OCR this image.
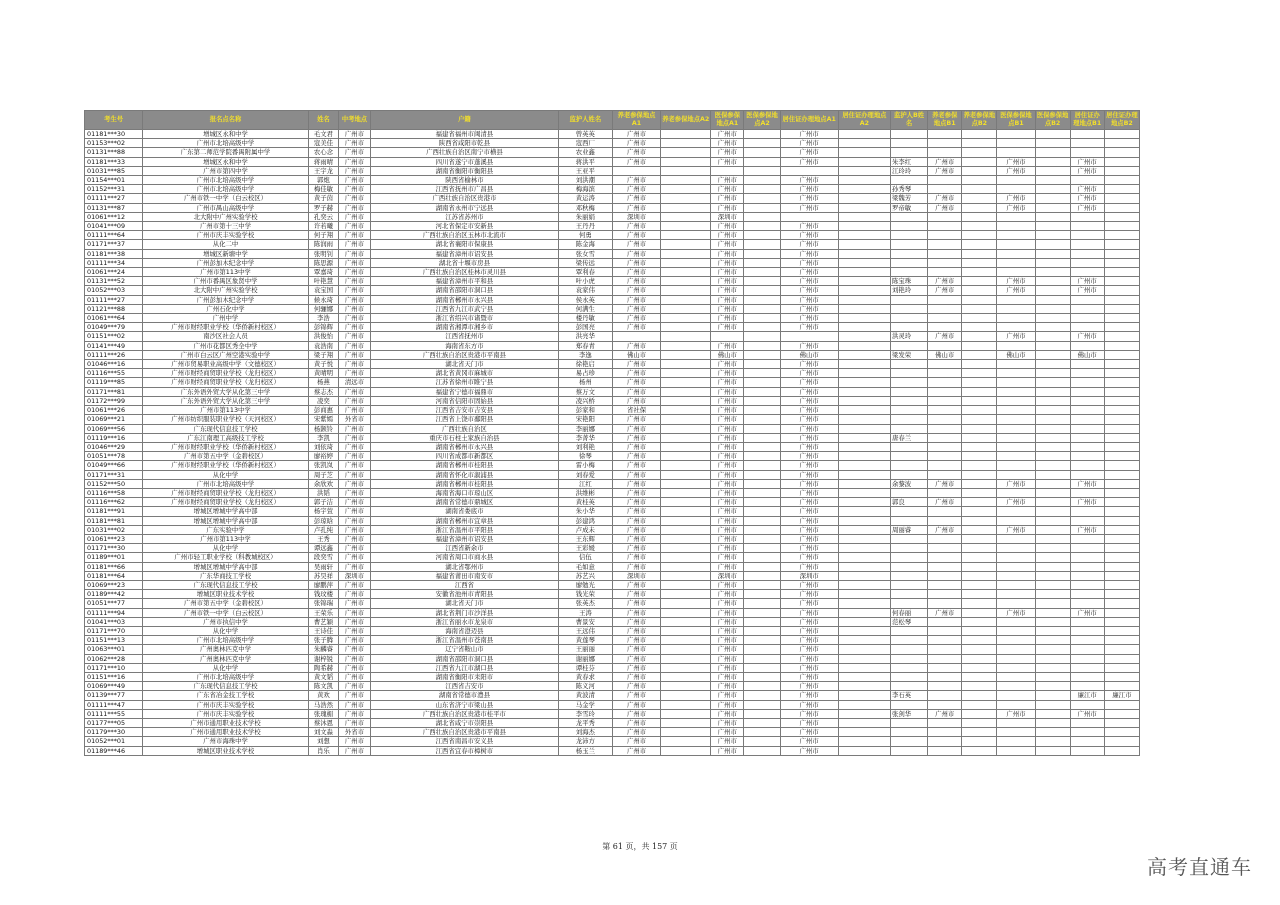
考生号	报名点名称	姓名	中考地点	户籍	监护人姓名	养老参保地点A1	养老参保地点A2	医保参保地点A1	医保参保地点A2	居住证办理地点A1	居住证办理地点A2	监护人B姓名	养老参保地点B1	养老参保地点B2	医保参保地点B1	医保参保地点B2	居住证办理地点B1	居住证办理地点B2
01181***30	增城区永和中学	毛文君	广州市	福建省福州市闽清县	曾英英	广州市		广州市		广州市								
01153***02	广州市北培高级中学	寇美佳	广州市	陕西省咸阳市乾县	寇西厂	广州市		广州市		广州市								
01131***88	广东第二师范学院番禺附属中学	农心念	广州市	广西壮族自治区南宁市横县	农业鑫	广州市		广州市		广州市								
01181***33	增城区永和中学	蒋雨晴	广州市	四川省遂宁市蓬溪县	蒋洪平	广州市		广州市		广州市		朱李红	广州市		广州市		广州市	
01031***85	广州市第四中学	王宇龙	广州市	湖南省衡阳市衡阳县	王亚平							江玲玲	广州市		广州市		广州市	
01154***01	广州市北培高级中学	郭炮	广州市	陕西省榆林市	刘洪潮	广州市		广州市		广州市								
01152***31	广州市北培高级中学	梅佳敏	广州市	江西省抚州市广昌县	梅海滨	广州市		广州市		广州市		孙秀琴					广州市	
01111***27	广州市铁一中学（白云校区）	黄子茵	广州市	广西壮族自治区贵港市	黄运涛	广州市		广州市		广州市		梁魏芳	广州市		广州市		广州市	
01131***87	广州市禺山高级中学	罗子赫	广州市	湖南省永州市宁远县	邓秋梅	广州市		广州市		广州市		罗帝敏	广州市		广州市		广州市	
01061***12	北大附中广州实验学校	孔奕云	广州市	江苏省苏州市	朱丽娟	深圳市		深圳市										
01041***09	广州市第十三中学	许若曦	广州市	河北省保定市安新县	王丹丹	广州市		广州市		广州市								
01111***64	广州市庆丰实验学校	何子翔	广州市	广西壮族自治区玉林市北流市	何勇	广州市		广州市		广州市								
01171***37	从化二中	陈润雨	广州市	湖北省襄阳市保康县	陈金海	广州市		广州市		广州市								
01181***38	增城区新塘中学	张明钊	广州市	福建省漳州市诏安县	张女雪	广州市		广州市		广州市								
01111***34	广州彭加木纪念中学	陈思源	广州市	湖北省十堰市房县	梁传远	广州市		广州市		广州市								
01061***24	广州市第113中学	覃嘉琦	广州市	广西壮族自治区桂林市灵川县	覃利春	广州市		广州市		广州市								
01131***52	广州市番禺区象贤中学	叶艳慧	广州市	福建省漳州市平和县	叶小虎	广州市		广州市		广州市		陈宝珠	广州市		广州市		广州市	
01052***03	北大附中广州实验学校	袁宝国	广州市	湖南省邵阳市洞口县	袁家伟	广州市		广州市		广州市		刘艳玲	广州市		广州市		广州市	
01111***27	广州彭加木纪念中学	候永琦	广州市	湖南省郴州市永兴县	侯永英	广州市		广州市		广州市								
01121***88	广州石化中学	何骊娜	广州市	江西省九江市武宁县	何满生	广州市		广州市		广州市								
01061***64	广州中学	李浩	广州市	浙江省绍兴市诸暨市	楼丹敏	广州市		广州市		广州市								
01049***79	广州市财经职业学校（华侨新村校区）	彭锦辉	广州市	湖南省湘潭市湘乡市	彭国亮	广州市		广州市		广州市								
01151***02	南沙区社会人员	洪俊怡	广州市	江西省抚州市	洪亮华							洪灵玲	广州市		广州市		广州市	
01141***49	广州市花都区秀全中学	袁浩南	广州市	海南省东方市	郑春青	广州市		广州市		广州市								
01111***26	广州市白云区广州空港实验中学	梁子翔	广州市	广西壮族自治区贵港市平南县	李逸	佛山市		佛山市		佛山市		梁发荣	佛山市		佛山市		佛山市	
01046***16	广州市贸易职业高级中学（文德校区）	黄子悦	广州市	湖北省天门市	徐艳启	广州市		广州市		广州市								
01116***55	广州市财经商贸职业学校（龙归校区）	黄晴明	广州市	湖北省黄冈市麻城市	易占珍	广州市		广州市		广州市								
01119***85	广州市财经商贸职业学校（龙归校区）	杨燕	清远市	江苏省徐州市睢宁县	杨州	广州市		广州市		广州市								
01171***81	广东外语外贸大学从化第三中学	蔡志杰	广州市	福建省宁德市福鼎市	蔡万文	广州市		广州市		广州市								
01172***99	广东外语外贸大学从化第三中学	凌奕	广州市	河南省信阳市固始县	凌兴桥	广州市		广州市		广州市								
01061***26	广州市第113中学	彭商惠	广州市	江西省吉安市吉安县	彭家和	省社保		广州市		广州市								
01069***21	广州市纺织服装职业学校（天河校区）	宋紫嫣	外省市	江西省上饶市鄱阳县	宋艳阳	广州市		广州市		广州市								
01069***56	广东现代信息技工学校	杨颢铃	广州市	广西壮族自治区	李丽娜	广州市		广州市		广州市								
01119***16	广东江南理工高级技工学校	李凯	广州市	重庆市石柱土家族自治县	李菁华	广州市		广州市		广州市		唐春兰						
01046***29	广州市财经职业学校（华侨新村校区）	刘依琦	广州市	湖南省郴州市永兴县	刘利艳	广州市		广州市		广州市								
01051***78	广州市第五中学（金碧校区）	廖裕婷	广州市	四川省成都市新都区	徐琴	广州市		广州市		广州市								
01049***66	广州市财经职业学校（华侨新村校区）	张凯岚	广州市	湖南省郴州市桂阳县	雷小梅	广州市		广州市		广州市								
01171***31	从化中学	周子芝	广州市	湖南省怀化市溆浦县	刘春爱	广州市		广州市		广州市								
01152***50	广州市北培高级中学	余欣欢	广州市	湖南省郴州市桂阳县	江红	广州市		广州市		广州市		余黎波	广州市		广州市		广州市	
01116***58	广州市财经商贸职业学校（龙归校区）	洪韬	广州市	海南省海口市琼山区	洪维彬	广州市		广州市		广州市								
01116***62	广州市财经商贸职业学校（龙归校区）	郭子洁	广州市	湖南省常德市鼎城区	黄桂英	广州市		广州市		广州市		郭良	广州市		广州市		广州市	
01181***91	增城区增城中学高中部	杨宇萱	广州市	湖南省娄底市	朱小华	广州市		广州市		广州市								
01181***81	增城区增城中学高中部	彭琼晗	广州市	湖南省郴州市宜章县	彭建鸿	广州市		广州市		广州市								
01031***02	广东实验中学	卢孔纯	广州市	浙江省温州市平阳县	卢成未	广州市		广州市		广州市		周丽睿	广州市		广州市		广州市	
01061***23	广州市第113中学	王秀	广州市	福建省漳州市诏安县	王东辉	广州市		广州市		广州市								
01171***30	从化中学	谭远鑫	广州市	江西省新余市	王彩媛	广州市		广州市		广州市								
01189***01	广州市轻工职业学校（科教城校区）	段奕雪	广州市	河南省周口市商水县	信伍	广州市		广州市		广州市								
01181***66	增城区增城中学高中部	吴雨轩	广州市	湖北省鄂州市	毛如意	广州市		广州市		广州市								
01181***64	广东华商技工学校	苏昊祥	深圳市	福建省莆田市南安市	苏艺兴	深圳市		深圳市		深圳市								
01069***23	广东现代信息技工学校	廖鹏萍	广州市	江西省	廖勉光	广州市		广州市		广州市								
01189***42	增城区职业技术学校	钱玟楼	广州市	安徽省池州市青阳县	钱光荣	广州市		广州市		广州市								
01051***77	广州市第五中学（金碧校区）	张锦瑞	广州市	湖北省天门市	张英杰	广州市		广州市		广州市								
01111***94	广州市铁一中学（白云校区）	王荣乐	广州市	湖北省荆门市沙洋县	王涛	广州市		广州市		广州市		何春丽	广州市		广州市		广州市	
01041***03	广州市执信中学	曹艺颖	广州市	浙江省丽水市龙泉市	曹景安	广州市		广州市		广州市		范松琴						
01171***70	从化中学	王诗佳	广州市	海南省澄迈县	王远伟	广州市		广州市		广州市								
01151***13	广州市北培高级中学	张子腾	广州市	浙江省温州市苍南县	黄莲琴	广州市		广州市		广州市								
01063***01	广州奥林匹克中学	朱麟睿	广州市	辽宁省鞍山市	王丽丽	广州市		广州市		广州市								
01062***28	广州奥林匹克中学	谢梓锐	广州市	湖南省邵阳市洞口县	谢丽娜	广州市		广州市		广州市								
01171***10	从化中学	陶希赫	广州市	江西省九江市湖口县	谭桂芬	广州市		广州市		广州市								
01151***16	广州市北培高级中学	黄文韬	广州市	湖南省衡阳市耒阳市	黄春求	广州市		广州市		广州市								
01069***49	广东现代信息技工学校	陈文凯	广州市	江西省吉安市	陈义河	广州市		广州市		广州市								
01139***77	广东省冶金技工学校	黄欢	广州市	湖南省常德市澧县	黄波清	广州市		广州市		广州市		李石英					廉江市	廉江市
01111***47	广州市庆丰实验学校	马浩然	广州市	山东省济宁市梁山县	马金学	广州市		广州市		广州市								
01111***55	广州市庆丰实验学校	张瑰楣	广州市	广西壮族自治区贵港市桂平市	李雪玲	广州市		广州市		广州市		张剑华	广州市		广州市		广州市	
01177***05	广州市通用职业技术学校	蔡沐恩	广州市	湖北省咸宁市崇阳县	龙平秀	广州市		广州市		广州市								
01179***30	广州市通用职业技术学校	刘文淼	外省市	广西壮族自治区贵港市平南县	刘海杰	广州市		广州市		广州市								
01052***01	广州市海珠中学	刘想	广州市	江西省南昌市安义县	龙沛方	广州市		广州市		广州市								
01189***46	增城区职业技术学校	肖乐	广州市	江西省宜春市樟树市	杨玉兰	广州市		广州市		广州市								
第 61 页，共 157 页
高考直通车
